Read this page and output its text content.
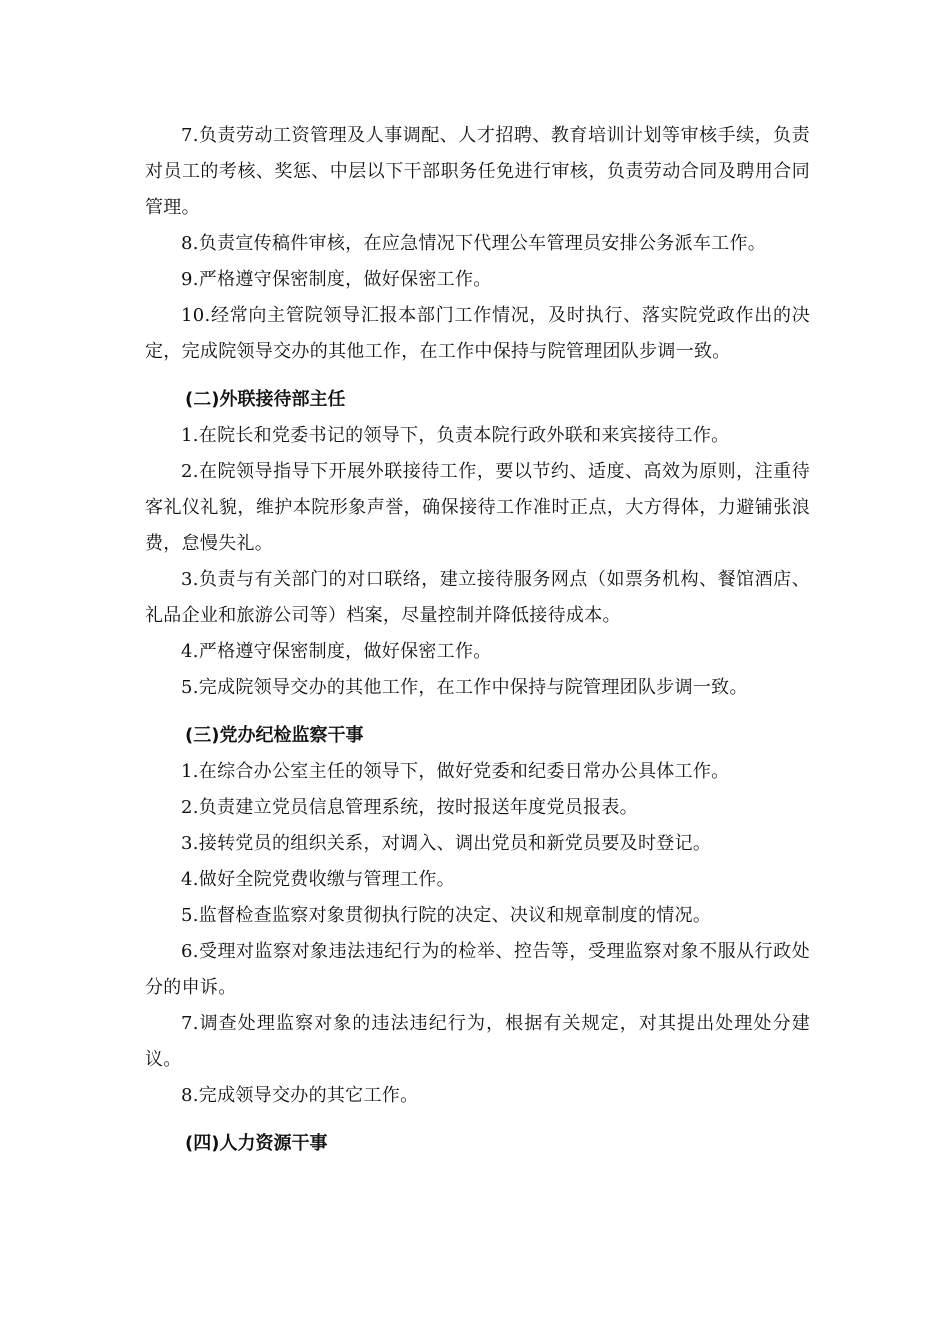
7.负责劳动工资管理及人事调配、人才招聘、教育培训计划等审核手续，负责对员工的考核、奖惩、中层以下干部职务任免进行审核，负责劳动合同及聘用合同管理。

8.负责宣传稿件审核，在应急情况下代理公车管理员安排公务派车工作。

9.严格遵守保密制度，做好保密工作。

10.经常向主管院领导汇报本部门工作情况，及时执行、落实院党政作出的决定，完成院领导交办的其他工作，在工作中保持与院管理团队步调一致。

(二)外联接待部主任

1.在院长和党委书记的领导下，负责本院行政外联和来宾接待工作。

2.在院领导指导下开展外联接待工作，要以节约、适度、高效为原则，注重待客礼仪礼貌，维护本院形象声誉，确保接待工作准时正点，大方得体，力避铺张浪费，怠慢失礼。

3.负责与有关部门的对口联络，建立接待服务网点（如票务机构、餐馆酒店、礼品企业和旅游公司等）档案，尽量控制并降低接待成本。

4.严格遵守保密制度，做好保密工作。

5.完成院领导交办的其他工作，在工作中保持与院管理团队步调一致。

(三)党办纪检监察干事

1.在综合办公室主任的领导下，做好党委和纪委日常办公具体工作。

2.负责建立党员信息管理系统，按时报送年度党员报表。

3.接转党员的组织关系，对调入、调出党员和新党员要及时登记。

4.做好全院党费收缴与管理工作。

5.监督检查监察对象贯彻执行院的决定、决议和规章制度的情况。

6.受理对监察对象违法违纪行为的检举、控告等，受理监察对象不服从行政处分的申诉。

7.调查处理监察对象的违法违纪行为，根据有关规定，对其提出处理处分建议。

8.完成领导交办的其它工作。

(四)人力资源干事
